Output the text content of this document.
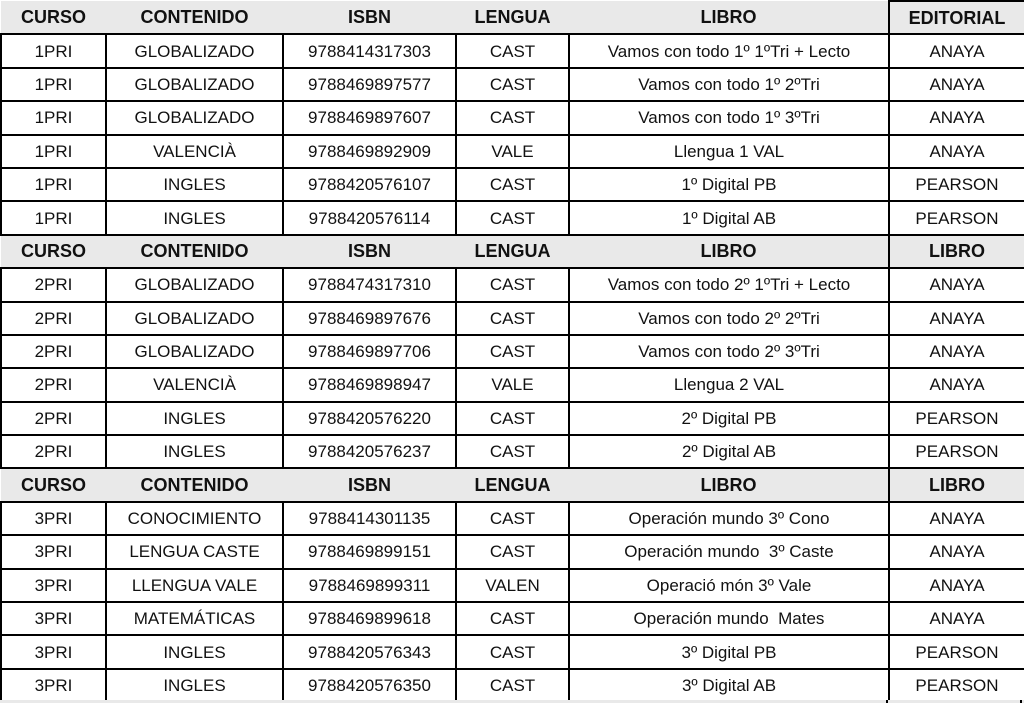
CURSO	CONTENIDO	ISBN	LENGUA	LIBRO	EDITORIAL
1PRI	GLOBALIZADO	9788414317303	CAST	Vamos con todo 1º 1ºTri + Lecto	ANAYA
1PRI	GLOBALIZADO	9788469897577	CAST	Vamos con todo 1º 2ºTri	ANAYA
1PRI	GLOBALIZADO	9788469897607	CAST	Vamos con todo 1º 3ºTri	ANAYA
1PRI	VALENCIÀ	9788469892909	VALE	Llengua 1 VAL	ANAYA
1PRI	INGLES	9788420576107	CAST	1º Digital PB	PEARSON
1PRI	INGLES	9788420576114	CAST	1º Digital AB	PEARSON
CURSO	CONTENIDO	ISBN	LENGUA	LIBRO	LIBRO
2PRI	GLOBALIZADO	9788474317310	CAST	Vamos con todo 2º 1ºTri + Lecto	ANAYA
2PRI	GLOBALIZADO	9788469897676	CAST	Vamos con todo 2º 2ºTri	ANAYA
2PRI	GLOBALIZADO	9788469897706	CAST	Vamos con todo 2º 3ºTri	ANAYA
2PRI	VALENCIÀ	9788469898947	VALE	Llengua 2 VAL	ANAYA
2PRI	INGLES	9788420576220	CAST	2º Digital PB	PEARSON
2PRI	INGLES	9788420576237	CAST	2º Digital AB	PEARSON
CURSO	CONTENIDO	ISBN	LENGUA	LIBRO	LIBRO
3PRI	CONOCIMIENTO	9788414301135	CAST	Operación mundo 3º Cono	ANAYA
3PRI	LENGUA CASTE	9788469899151	CAST	Operación mundo  3º Caste	ANAYA
3PRI	LLENGUA VALE	9788469899311	VALEN	Operació món 3º Vale	ANAYA
3PRI	MATEMÁTICAS	9788469899618	CAST	Operación mundo  Mates	ANAYA
3PRI	INGLES	9788420576343	CAST	3º Digital PB	PEARSON
3PRI	INGLES	9788420576350	CAST	3º Digital AB	PEARSON
